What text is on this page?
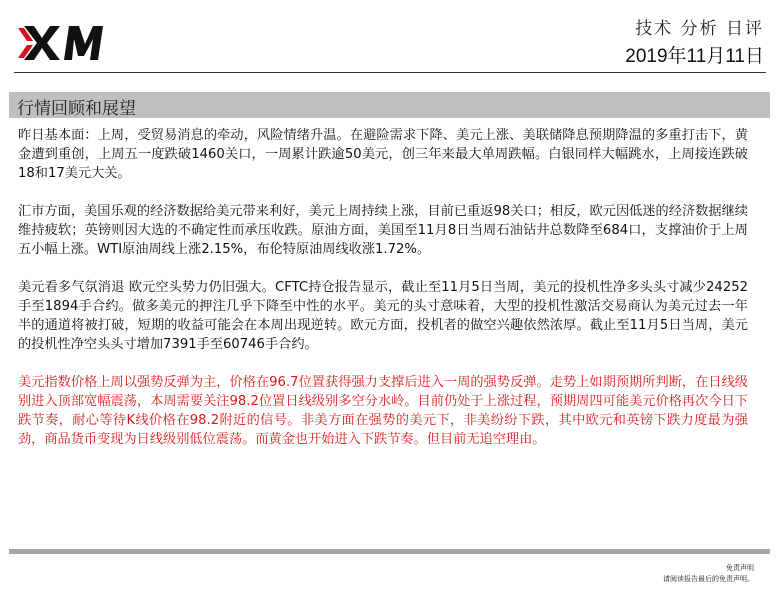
技术 分析 日评
2019年11月11日
行情回顾和展望

昨日基本面：上周，受贸易消息的牵动，风险情绪升温。在避险需求下降、美元上涨、美联储降息预期降温的多重打击下，黄金遭到重创，上周五一度跌破1460关口，一周累计跌逾50美元，创三年来最大单周跌幅。白银同样大幅跳水，上周接连跌破18和17美元大关。

汇市方面，美国乐观的经济数据给美元带来利好，美元上周持续上涨，目前已重返98关口；相反，欧元因低迷的经济数据继续维持疲软；英镑则因大选的不确定性而承压收跌。原油方面，美国至11月8日当周石油钻井总数降至684口，支撑油价于上周五小幅上涨。WTI原油周线上涨2.15%，布伦特原油周线收涨1.72%。

美元看多气氛消退 欧元空头势力仍旧强大。CFTC持仓报告显示，截止至11月5日当周，美元的投机性净多头头寸减少24252手至1894手合约。做多美元的押注几乎下降至中性的水平。美元的头寸意味着，大型的投机性激活交易商认为美元过去一年半的通道将被打破，短期的收益可能会在本周出现逆转。欧元方面，投机者的做空兴趣依然浓厚。截止至11月5日当周，美元的投机性净空头头寸增加7391手至60746手合约。

美元指数价格上周以强势反弹为主，价格在96.7位置获得强力支撑后进入一周的强势反弹。走势上如期预期所判断，在日线级别进入顶部宽幅震荡，本周需要关注98.2位置日线级别多空分水岭。目前仍处于上涨过程，预期周四可能美元价格再次今日下跌节奏，耐心等待K线价格在98.2附近的信号。非美方面在强势的美元下，非美纷纷下跌，其中欧元和英镑下跌力度最为强劲，商品货币变现为日线级别低位震荡。而黄金也开始进入下跌节奏。但目前无追空理由。

免责声明
请阅读报告最后的免责声明。
